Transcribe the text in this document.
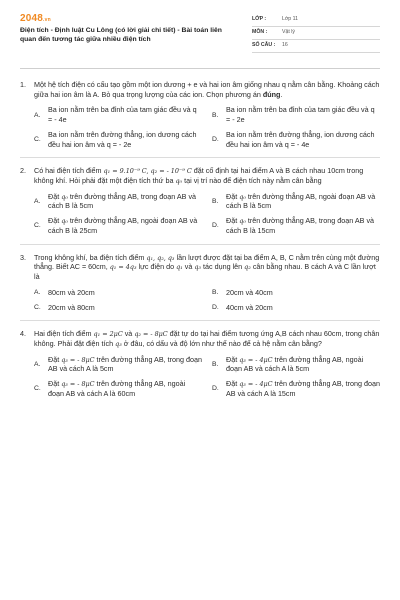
2048.vn
Điện tích - Định luật Cu Lông (có lời giải chi tiết) - Bài toán liên quan đến tương tác giữa nhiều điện tích
LỚP :	Lớp 11
MÔN :	Vật lý
SỐ CÂU :	16
1.	Một hệ tích điện có cấu tạo gồm một ion dương + e và hai ion âm giống nhau q nằm cân bằng. Khoảng cách giữa hai ion âm là A. Bỏ qua trọng lượng của các ion. Chọn phương án đúng.
A.
Ba ion nằm trên ba đỉnh của tam giác đều và q = - 4e
B.
Ba ion nằm trên ba đỉnh của tam giác đều và q = - 2e
C.
Ba ion nằm trên đường thẳng, ion dương cách đều hai ion âm và q = - 2e
D.
Ba ion nằm trên đường thẳng, ion dương cách đều hai ion âm và q = - 4e
2.	Có hai điện tích điểm q₁ = 9.10⁻⁹ C, q₂ = - 10⁻⁹ C đặt cố định tại hai điểm A và B cách nhau 10cm trong không khí. Hỏi phải đặt một điện tích thứ ba q₀ tại vị trí nào để điện tích này nằm cân bằng
A.
Đặt q₀ trên đường thẳng AB, trong đoạn AB và cách B là 5cm
B.
Đặt q₀ trên đường thẳng AB, ngoài đoạn AB và cách B là 5cm
C.
Đặt q₀ trên đường thẳng AB, ngoài đoạn AB và cách B là 25cm
D.
Đặt q₀ trên đường thẳng AB, trong đoạn AB và cách B là 15cm
3.	Trong không khí, ba điện tích điểm q₁, q₂, q₃ lần lượt được đặt tại ba điểm A, B, C nằm trên cùng một đường thẳng. Biết AC = 60cm, q₁ = 4q₃ lực điện do q₁ và q₃ tác dụng lên q₂ cân bằng nhau. B cách A và C lần lượt là
A.	80cm và 20cm	B.	20cm và 40cm
C. 20cm và 80cm	D. 40cm và 20cm
4.	Hai điện tích điểm q₁ = 2μC và q₂ = - 8μC đặt tự do tại hai điểm tương ứng A,B cách nhau 60cm, trong chân không. Phải đặt điện tích q₃ ở đâu, có dấu và độ lớn như thế nào để cả hệ nằm cân bằng?
A.
Đặt q₃ = - 8μC trên đường thẳng AB, trong đoạn AB và cách A là 5cm
B.
Đặt q₃ = - 4μC trên đường thẳng AB, ngoài đoạn AB và cách A là 5cm
C.
Đặt q₃ = - 8μC trên đường thẳng AB, ngoài đoạn AB và cách A là 60cm
D.
Đặt q₃ = - 4μC trên đường thẳng AB, trong đoạn AB và cách A là 15cm
